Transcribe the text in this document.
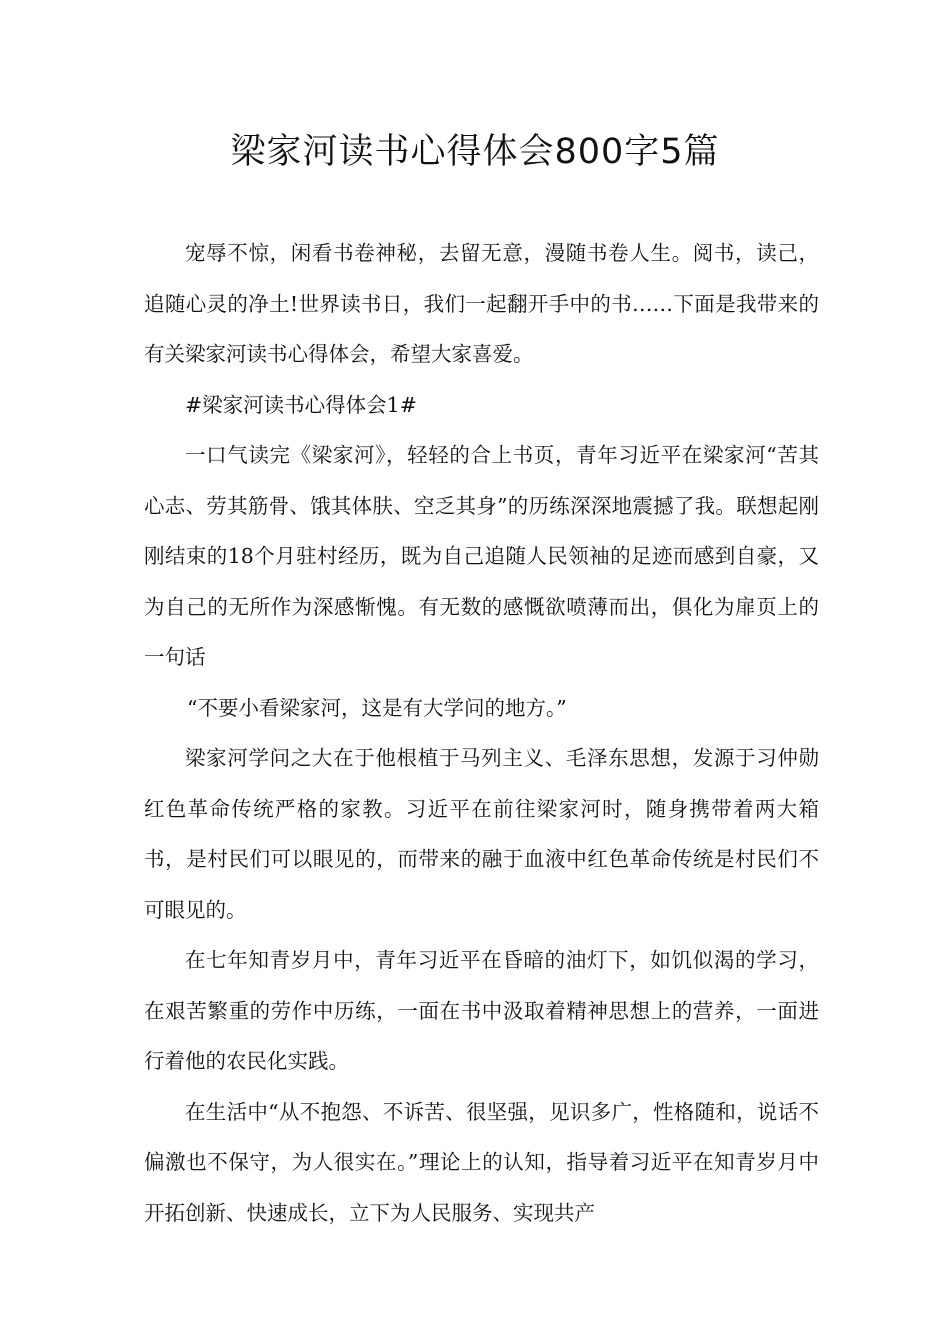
梁家河读书心得体会800字5篇

宠辱不惊，闲看书卷神秘，去留无意，漫随书卷人生。阅书，读己，追随心灵的净土!世界读书日，我们一起翻开手中的书……下面是我带来的有关梁家河读书心得体会，希望大家喜爱。

#梁家河读书心得体会1#

一口气读完《梁家河》，轻轻的合上书页，青年习近平在梁家河“苦其心志、劳其筋骨、饿其体肤、空乏其身”的历练深深地震撼了我。联想起刚刚结束的18个月驻村经历，既为自己追随人民领袖的足迹而感到自豪，又为自己的无所作为深感惭愧。有无数的感慨欲喷薄而出，俱化为扉页上的一句话

“不要小看梁家河，这是有大学问的地方。”

梁家河学问之大在于他根植于马列主义、毛泽东思想，发源于习仲勋红色革命传统严格的家教。习近平在前往梁家河时，随身携带着两大箱书，是村民们可以眼见的，而带来的融于血液中红色革命传统是村民们不可眼见的。

在七年知青岁月中，青年习近平在昏暗的油灯下，如饥似渴的学习，在艰苦繁重的劳作中历练，一面在书中汲取着精神思想上的营养，一面进行着他的农民化实践。

在生活中“从不抱怨、不诉苦、很坚强，见识多广，性格随和，说话不偏激也不保守，为人很实在。”理论上的认知，指导着习近平在知青岁月中开拓创新、快速成长，立下为人民服务、实现共产
